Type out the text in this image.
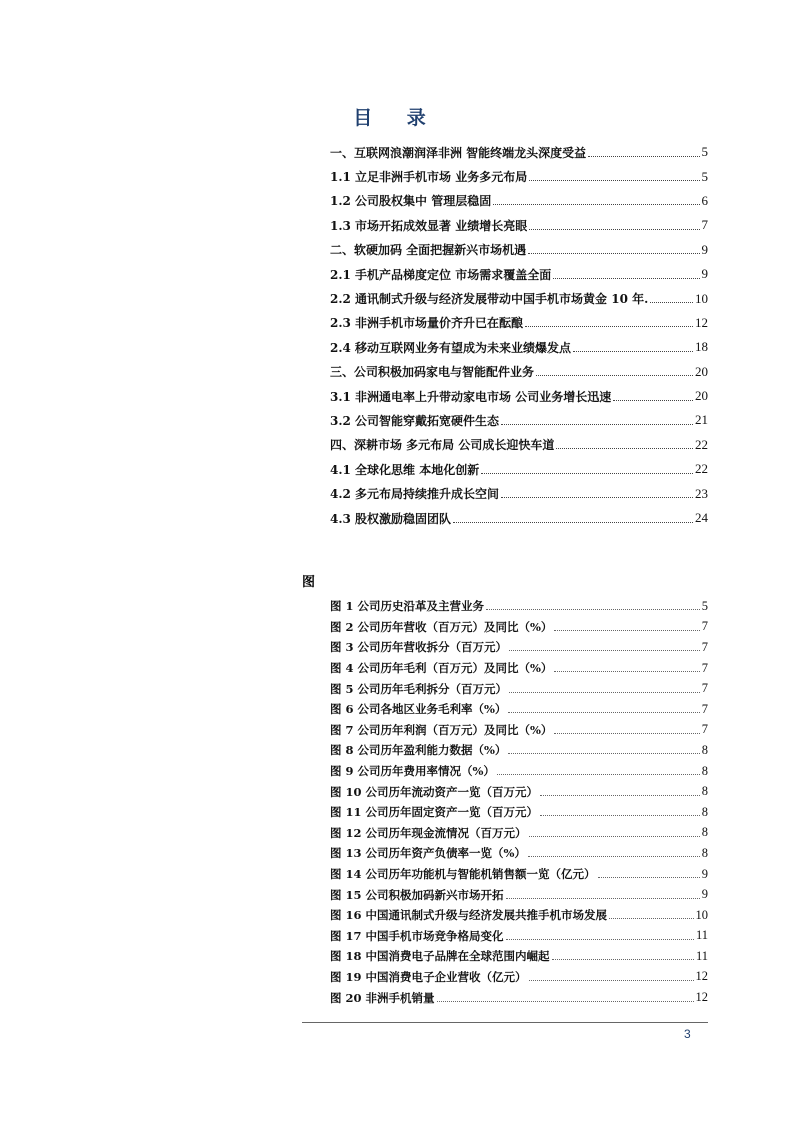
目 录
一、互联网浪潮润泽非洲 智能终端龙头深度受益	5
1.1 立足非洲手机市场 业务多元布局	5
1.2 公司股权集中 管理层稳固	6
1.3 市场开拓成效显著 业绩增长亮眼	7
二、软硬加码 全面把握新兴市场机遇	9
2.1 手机产品梯度定位 市场需求覆盖全面	9
2.2 通讯制式升级与经济发展带动中国手机市场黄金 10 年.	10
2.3 非洲手机市场量价齐升已在酝酿	12
2.4 移动互联网业务有望成为未来业绩爆发点	18
三、公司积极加码家电与智能配件业务	20
3.1 非洲通电率上升带动家电市场 公司业务增长迅速	20
3.2 公司智能穿戴拓宽硬件生态	21
四、深耕市场 多元布局 公司成长迎快车道	22
4.1 全球化思维 本地化创新	22
4.2 多元布局持续推升成长空间	23
4.3 股权激励稳固团队	24
图
图 1 公司历史沿革及主营业务	5
图 2 公司历年营收（百万元）及同比（%）	7
图 3 公司历年营收拆分（百万元）	7
图 4 公司历年毛利（百万元）及同比（%）	7
图 5 公司历年毛利拆分（百万元）	7
图 6 公司各地区业务毛利率（%）	7
图 7 公司历年利润（百万元）及同比（%）	7
图 8 公司历年盈利能力数据（%）	8
图 9 公司历年费用率情况（%）	8
图 10 公司历年流动资产一览（百万元）	8
图 11 公司历年固定资产一览（百万元）	8
图 12 公司历年现金流情况（百万元）	8
图 13 公司历年资产负债率一览（%）	8
图 14 公司历年功能机与智能机销售额一览（亿元）	9
图 15 公司积极加码新兴市场开拓	9
图 16 中国通讯制式升级与经济发展共推手机市场发展	10
图 17 中国手机市场竞争格局变化	11
图 18 中国消费电子品牌在全球范围内崛起	11
图 19 中国消费电子企业营收（亿元）	12
图 20 非洲手机销量	12
3
